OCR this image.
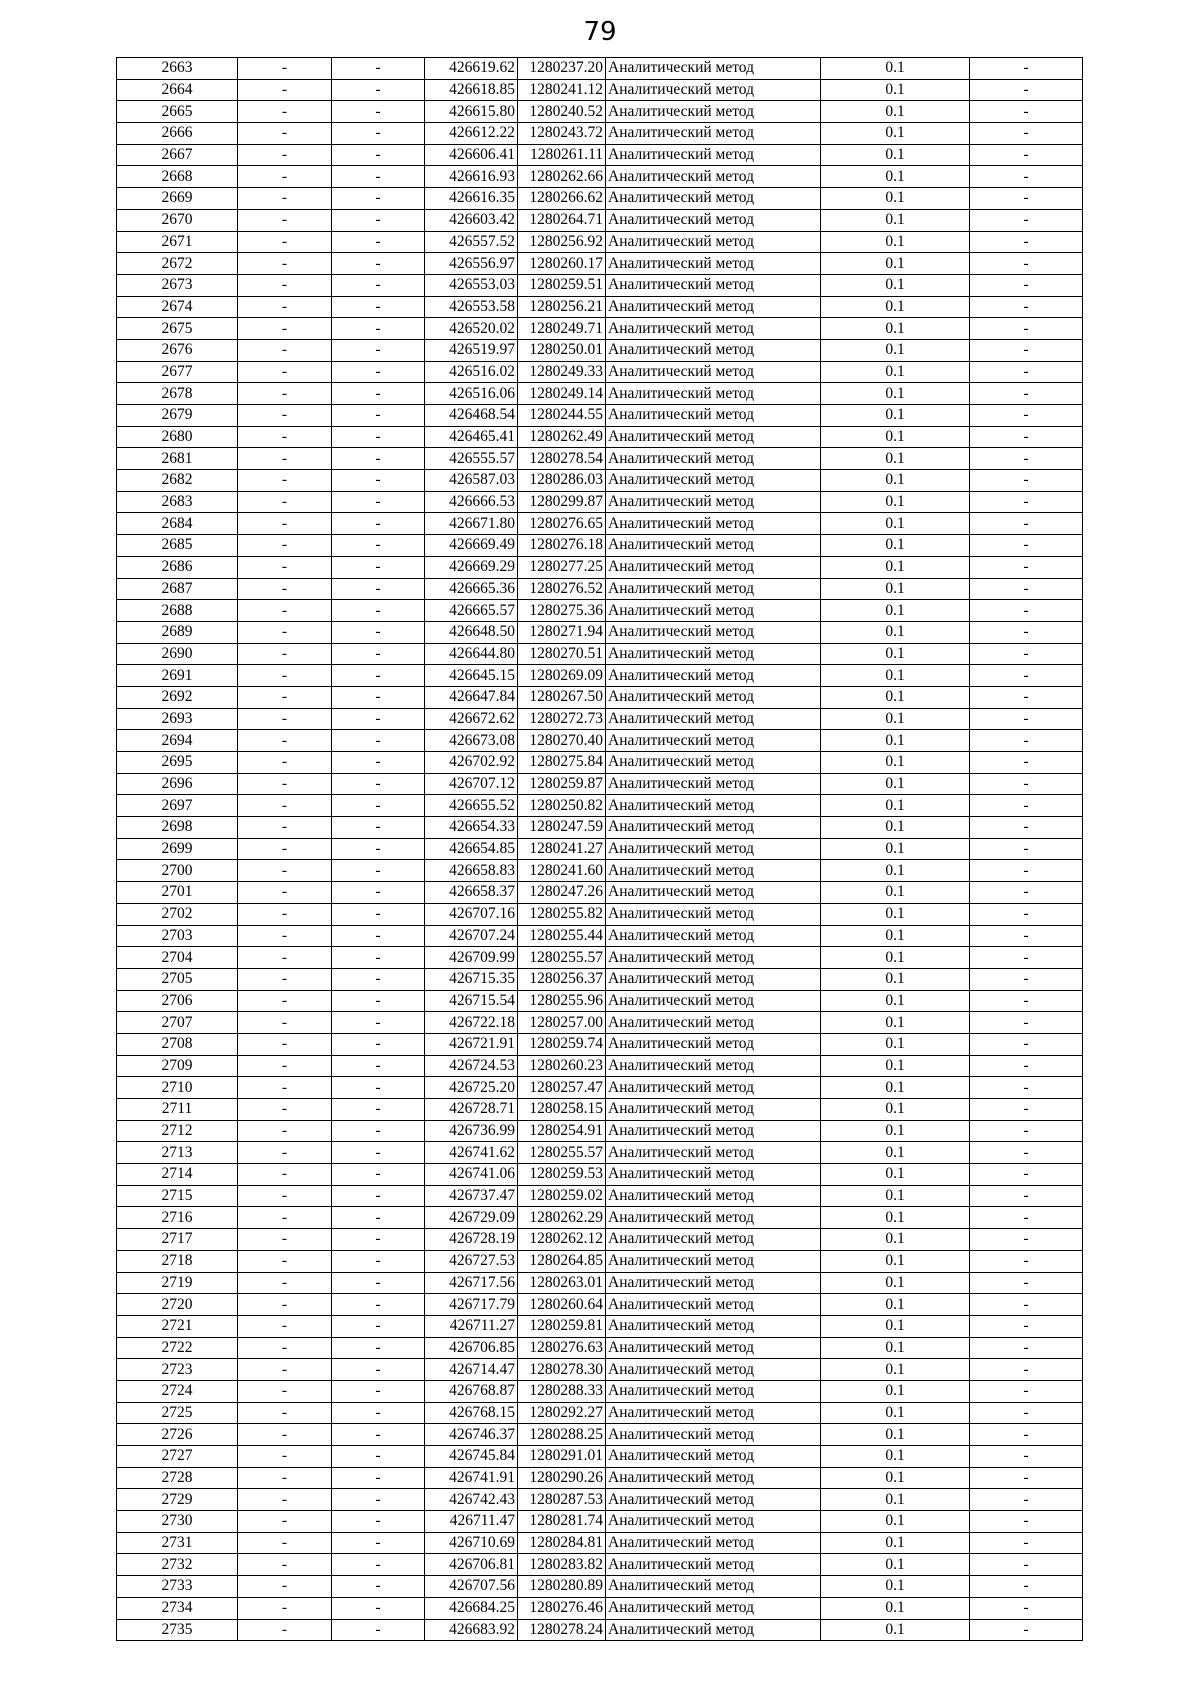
79
2663	-	-	426619.62	1280237.20	Аналитический метод	0.1	-
2664	-	-	426618.85	1280241.12	Аналитический метод	0.1	-
2665	-	-	426615.80	1280240.52	Аналитический метод	0.1	-
2666	-	-	426612.22	1280243.72	Аналитический метод	0.1	-
2667	-	-	426606.41	1280261.11	Аналитический метод	0.1	-
2668	-	-	426616.93	1280262.66	Аналитический метод	0.1	-
2669	-	-	426616.35	1280266.62	Аналитический метод	0.1	-
2670	-	-	426603.42	1280264.71	Аналитический метод	0.1	-
2671	-	-	426557.52	1280256.92	Аналитический метод	0.1	-
2672	-	-	426556.97	1280260.17	Аналитический метод	0.1	-
2673	-	-	426553.03	1280259.51	Аналитический метод	0.1	-
2674	-	-	426553.58	1280256.21	Аналитический метод	0.1	-
2675	-	-	426520.02	1280249.71	Аналитический метод	0.1	-
2676	-	-	426519.97	1280250.01	Аналитический метод	0.1	-
2677	-	-	426516.02	1280249.33	Аналитический метод	0.1	-
2678	-	-	426516.06	1280249.14	Аналитический метод	0.1	-
2679	-	-	426468.54	1280244.55	Аналитический метод	0.1	-
2680	-	-	426465.41	1280262.49	Аналитический метод	0.1	-
2681	-	-	426555.57	1280278.54	Аналитический метод	0.1	-
2682	-	-	426587.03	1280286.03	Аналитический метод	0.1	-
2683	-	-	426666.53	1280299.87	Аналитический метод	0.1	-
2684	-	-	426671.80	1280276.65	Аналитический метод	0.1	-
2685	-	-	426669.49	1280276.18	Аналитический метод	0.1	-
2686	-	-	426669.29	1280277.25	Аналитический метод	0.1	-
2687	-	-	426665.36	1280276.52	Аналитический метод	0.1	-
2688	-	-	426665.57	1280275.36	Аналитический метод	0.1	-
2689	-	-	426648.50	1280271.94	Аналитический метод	0.1	-
2690	-	-	426644.80	1280270.51	Аналитический метод	0.1	-
2691	-	-	426645.15	1280269.09	Аналитический метод	0.1	-
2692	-	-	426647.84	1280267.50	Аналитический метод	0.1	-
2693	-	-	426672.62	1280272.73	Аналитический метод	0.1	-
2694	-	-	426673.08	1280270.40	Аналитический метод	0.1	-
2695	-	-	426702.92	1280275.84	Аналитический метод	0.1	-
2696	-	-	426707.12	1280259.87	Аналитический метод	0.1	-
2697	-	-	426655.52	1280250.82	Аналитический метод	0.1	-
2698	-	-	426654.33	1280247.59	Аналитический метод	0.1	-
2699	-	-	426654.85	1280241.27	Аналитический метод	0.1	-
2700	-	-	426658.83	1280241.60	Аналитический метод	0.1	-
2701	-	-	426658.37	1280247.26	Аналитический метод	0.1	-
2702	-	-	426707.16	1280255.82	Аналитический метод	0.1	-
2703	-	-	426707.24	1280255.44	Аналитический метод	0.1	-
2704	-	-	426709.99	1280255.57	Аналитический метод	0.1	-
2705	-	-	426715.35	1280256.37	Аналитический метод	0.1	-
2706	-	-	426715.54	1280255.96	Аналитический метод	0.1	-
2707	-	-	426722.18	1280257.00	Аналитический метод	0.1	-
2708	-	-	426721.91	1280259.74	Аналитический метод	0.1	-
2709	-	-	426724.53	1280260.23	Аналитический метод	0.1	-
2710	-	-	426725.20	1280257.47	Аналитический метод	0.1	-
2711	-	-	426728.71	1280258.15	Аналитический метод	0.1	-
2712	-	-	426736.99	1280254.91	Аналитический метод	0.1	-
2713	-	-	426741.62	1280255.57	Аналитический метод	0.1	-
2714	-	-	426741.06	1280259.53	Аналитический метод	0.1	-
2715	-	-	426737.47	1280259.02	Аналитический метод	0.1	-
2716	-	-	426729.09	1280262.29	Аналитический метод	0.1	-
2717	-	-	426728.19	1280262.12	Аналитический метод	0.1	-
2718	-	-	426727.53	1280264.85	Аналитический метод	0.1	-
2719	-	-	426717.56	1280263.01	Аналитический метод	0.1	-
2720	-	-	426717.79	1280260.64	Аналитический метод	0.1	-
2721	-	-	426711.27	1280259.81	Аналитический метод	0.1	-
2722	-	-	426706.85	1280276.63	Аналитический метод	0.1	-
2723	-	-	426714.47	1280278.30	Аналитический метод	0.1	-
2724	-	-	426768.87	1280288.33	Аналитический метод	0.1	-
2725	-	-	426768.15	1280292.27	Аналитический метод	0.1	-
2726	-	-	426746.37	1280288.25	Аналитический метод	0.1	-
2727	-	-	426745.84	1280291.01	Аналитический метод	0.1	-
2728	-	-	426741.91	1280290.26	Аналитический метод	0.1	-
2729	-	-	426742.43	1280287.53	Аналитический метод	0.1	-
2730	-	-	426711.47	1280281.74	Аналитический метод	0.1	-
2731	-	-	426710.69	1280284.81	Аналитический метод	0.1	-
2732	-	-	426706.81	1280283.82	Аналитический метод	0.1	-
2733	-	-	426707.56	1280280.89	Аналитический метод	0.1	-
2734	-	-	426684.25	1280276.46	Аналитический метод	0.1	-
2735	-	-	426683.92	1280278.24	Аналитический метод	0.1	-
